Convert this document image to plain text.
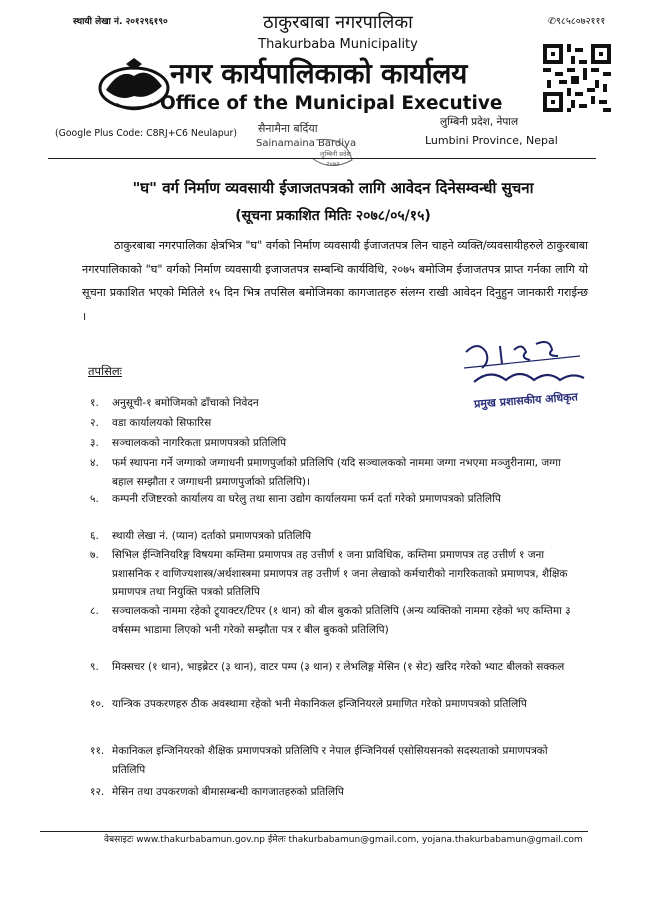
स्थायी लेखा नं. २०१२९६१९०	✆९८५८०७२१११
ठाकुरबाबा नगरपालिका
Thakurbaba Municipality
नगर कार्यपालिकाको कार्यालय
Office of the Municipal Executive
(Google Plus Code: C8RJ+C6 Neulapur) सैनामैना बर्दिया
Sainamaina Bardiya
लुम्बिनी प्रदेश
२०७२
लुम्बिनी प्रदेश, नेपाल
Lumbini Province, Nepal
"घ" वर्ग निर्माण व्यवसायी ईजाजतपत्रको लागि आवेदन दिनेसम्वन्धी सुचना
(सूचना प्रकाशित मितिः २०७८/०५/१५)

ठाकुरबाबा नगरपालिका क्षेत्रभित्र "घ" वर्गको निर्माण व्यवसायी ईजाजतपत्र लिन चाहने व्यक्ति/व्यवसायीहरुले ठाकुरबाबा नगरपालिकाको "घ" वर्गको निर्माण व्यवसायी इजाजतपत्र सम्बन्धि कार्यविधि, २०७५ बमोजिम ईजाजतपत्र प्राप्त गर्नका लागि यो सूचना प्रकाशित भएको मितिले १५ दिन भित्र तपसिल बमोजिमका कागजातहरु संलग्न राखी आवेदन दिनुहुन जानकारी गराईन्छ ।

प्रमुख प्रशासकीय अधिकृत
तपसिलः
१. अनुसूची-१ बमोजिमको ढाँचाको निवेदन
२. वडा कार्यालयको सिफारिस
३. सञ्चालकको नागरिकता प्रमाणपत्रको प्रतिलिपि
४. फर्म स्थापना गर्ने जग्गाको जग्गाधनी प्रमाणपुर्जाको प्रतिलिपि (यदि सञ्चालकको नाममा जग्गा नभएमा मञ्जुरीनामा, जग्गा बहाल सम्झौता र जग्गाधनी प्रमाणपुर्जाको प्रतिलिपि)।
५. कम्पनी रजिष्टरको कार्यालय वा घरेलु तथा साना उद्योग कार्यालयमा फर्म दर्ता गरेको प्रमाणपत्रको प्रतिलिपि
६. स्थायी लेखा नं. (प्यान) दर्ताको प्रमाणपत्रको प्रतिलिपि
७. सिभिल ईन्जिनियरिङ्ग विषयमा कम्तिमा प्रमाणपत्र तह उत्तीर्ण १ जना प्राविधिक, कम्तिमा प्रमाणपत्र तह उत्तीर्ण १ जना प्रशासनिक र वाणिज्यशास्त्र/अर्थशास्त्रमा प्रमाणपत्र तह उत्तीर्ण १ जना लेखाको कर्मचारीको नागरिकताको प्रमाणपत्र, शैक्षिक प्रमाणपत्र तथा नियुक्ति पत्रको प्रतिलिपि
८. सञ्चालकको नाममा रहेको ट्र्याक्टर/टिपर (१ थान) को बील बुकको प्रतिलिपि (अन्य व्यक्तिको नाममा रहेको भए कम्तिमा ३ वर्षसम्म भाडामा लिएको भनी गरेको सम्झौता पत्र र बील बुकको प्रतिलिपि)
९. मिक्सचर (१ थान), भाइब्रेटर (३ थान), वाटर पम्प (३ थान) र लेभलिङ्ग मेसिन (१ सेट) खरिद गरेको भ्याट बीलको सक्कल
१०. यान्त्रिक उपकरणहरु ठीक अवस्थामा रहेको भनी मेकानिकल इन्जिनियरले प्रमाणित गरेको प्रमाणपत्रको प्रतिलिपि
११. मेकानिकल इन्जिनियरको शैक्षिक प्रमाणपत्रको प्रतिलिपि र नेपाल ईन्जिनियर्स एसोसियसनको सदस्यताको प्रमाणपत्रको प्रतिलिपि
१२. मेसिन तथा उपकरणको बीमासम्बन्धी कागजातहरुको प्रतिलिपि
वेबसाइटः www.thakurbabamun.gov.np ईमेलः thakurbabamun@gmail.com, yojana.thakurbabamun@gmail.com
